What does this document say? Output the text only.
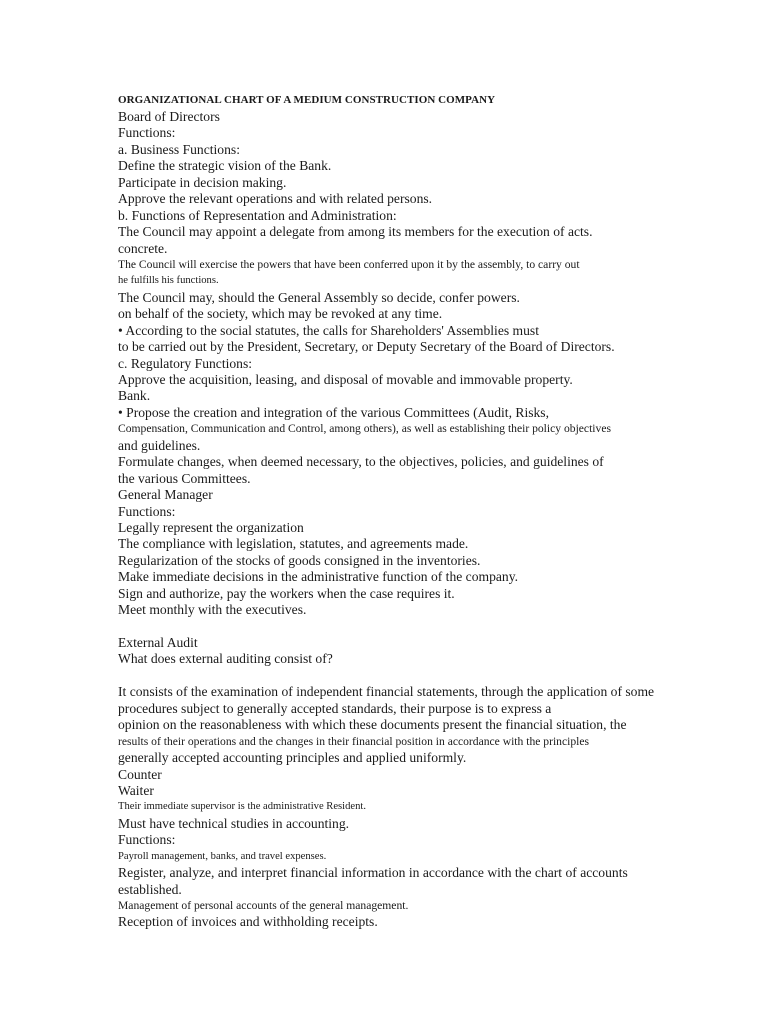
ORGANIZATIONAL CHART OF A MEDIUM CONSTRUCTION COMPANY
Board of Directors
Functions:
a. Business Functions:
Define the strategic vision of the Bank.
Participate in decision making.
Approve the relevant operations and with related persons.
b. Functions of Representation and Administration:
The Council may appoint a delegate from among its members for the execution of acts.
concrete.
The Council will exercise the powers that have been conferred upon it by the assembly, to carry out
he fulfills his functions.
The Council may, should the General Assembly so decide, confer powers.
on behalf of the society, which may be revoked at any time.
• According to the social statutes, the calls for Shareholders' Assemblies must
to be carried out by the President, Secretary, or Deputy Secretary of the Board of Directors.
c. Regulatory Functions:
Approve the acquisition, leasing, and disposal of movable and immovable property.
Bank.
• Propose the creation and integration of the various Committees (Audit, Risks,
Compensation, Communication and Control, among others), as well as establishing their policy objectives
and guidelines.
Formulate changes, when deemed necessary, to the objectives, policies, and guidelines of
the various Committees.
General Manager
Functions:
Legally represent the organization
The compliance with legislation, statutes, and agreements made.
Regularization of the stocks of goods consigned in the inventories.
Make immediate decisions in the administrative function of the company.
Sign and authorize, pay the workers when the case requires it.
Meet monthly with the executives.
External Audit
What does external auditing consist of?
It consists of the examination of independent financial statements, through the application of some
procedures subject to generally accepted standards, their purpose is to express a
opinion on the reasonableness with which these documents present the financial situation, the
results of their operations and the changes in their financial position in accordance with the principles
generally accepted accounting principles and applied uniformly.
Counter
Waiter
Their immediate supervisor is the administrative Resident.
Must have technical studies in accounting.
Functions:
Payroll management, banks, and travel expenses.
Register, analyze, and interpret financial information in accordance with the chart of accounts
established.
Management of personal accounts of the general management.
Reception of invoices and withholding receipts.
